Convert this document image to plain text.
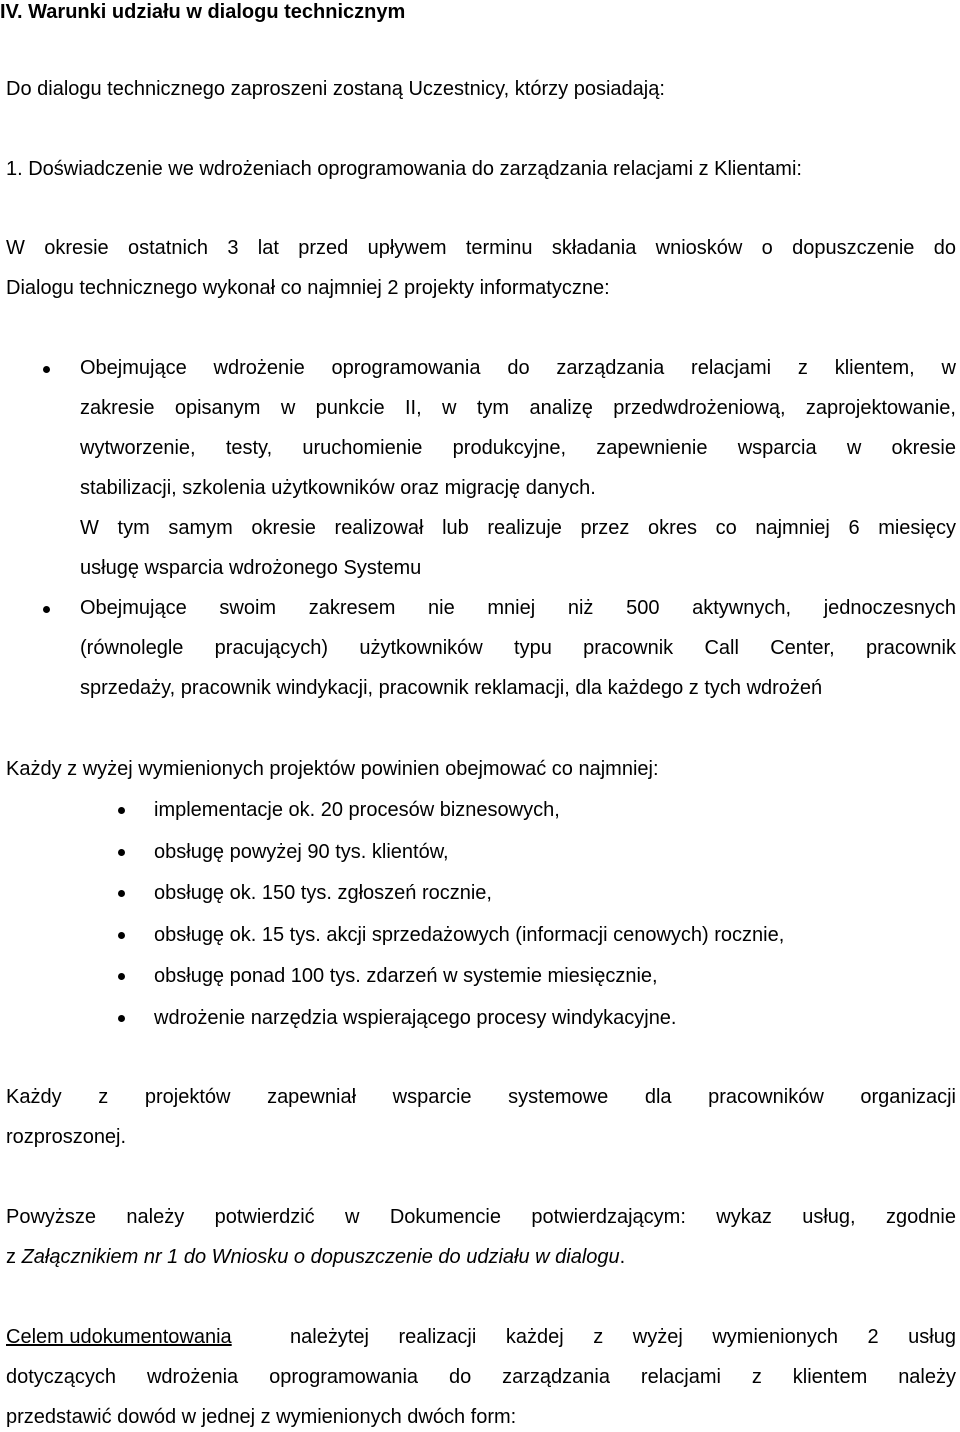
IV. Warunki udziału w dialogu technicznym
Do dialogu technicznego zaproszeni zostaną Uczestnicy, którzy posiadają:
1. Doświadczenie we wdrożeniach oprogramowania do zarządzania relacjami z Klientami:
W okresie ostatnich 3 lat przed upływem terminu składania wniosków o dopuszczenie do
Dialogu technicznego wykonał co najmniej 2 projekty informatyczne:
Obejmujące wdrożenie oprogramowania do zarządzania relacjami z klientem, w
zakresie opisanym w punkcie II, w tym analizę przedwdrożeniową, zaprojektowanie,
wytworzenie, testy, uruchomienie produkcyjne, zapewnienie wsparcia w okresie
stabilizacji, szkolenia użytkowników oraz migrację danych.
W tym samym okresie realizował lub realizuje przez okres co najmniej 6 miesięcy
usługę wsparcia wdrożonego Systemu
Obejmujące swoim zakresem nie mniej niż 500 aktywnych, jednoczesnych
(równolegle pracujących) użytkowników typu pracownik Call Center, pracownik
sprzedaży, pracownik windykacji, pracownik reklamacji, dla każdego z tych wdrożeń
Każdy z wyżej wymienionych projektów powinien obejmować co najmniej:
implementacje ok. 20 procesów biznesowych,
obsługę powyżej 90 tys. klientów,
obsługę ok. 150 tys. zgłoszeń rocznie,
obsługę ok. 15 tys. akcji sprzedażowych (informacji cenowych) rocznie,
obsługę ponad 100 tys. zdarzeń w systemie miesięcznie,
wdrożenie narzędzia wspierającego procesy windykacyjne.
Każdy z projektów zapewniał wsparcie systemowe dla pracowników organizacji
rozproszonej.
Powyższe należy potwierdzić w Dokumencie potwierdzającym: wykaz usług, zgodnie
z Załącznikiem nr 1 do Wniosku o dopuszczenie do udziału w dialogu.
Celem udokumentowania	należytej realizacji każdej z wyżej wymienionych 2 usług
dotyczących wdrożenia oprogramowania do zarządzania relacjami z klientem należy
przedstawić dowód w jednej z wymienionych dwóch form:
